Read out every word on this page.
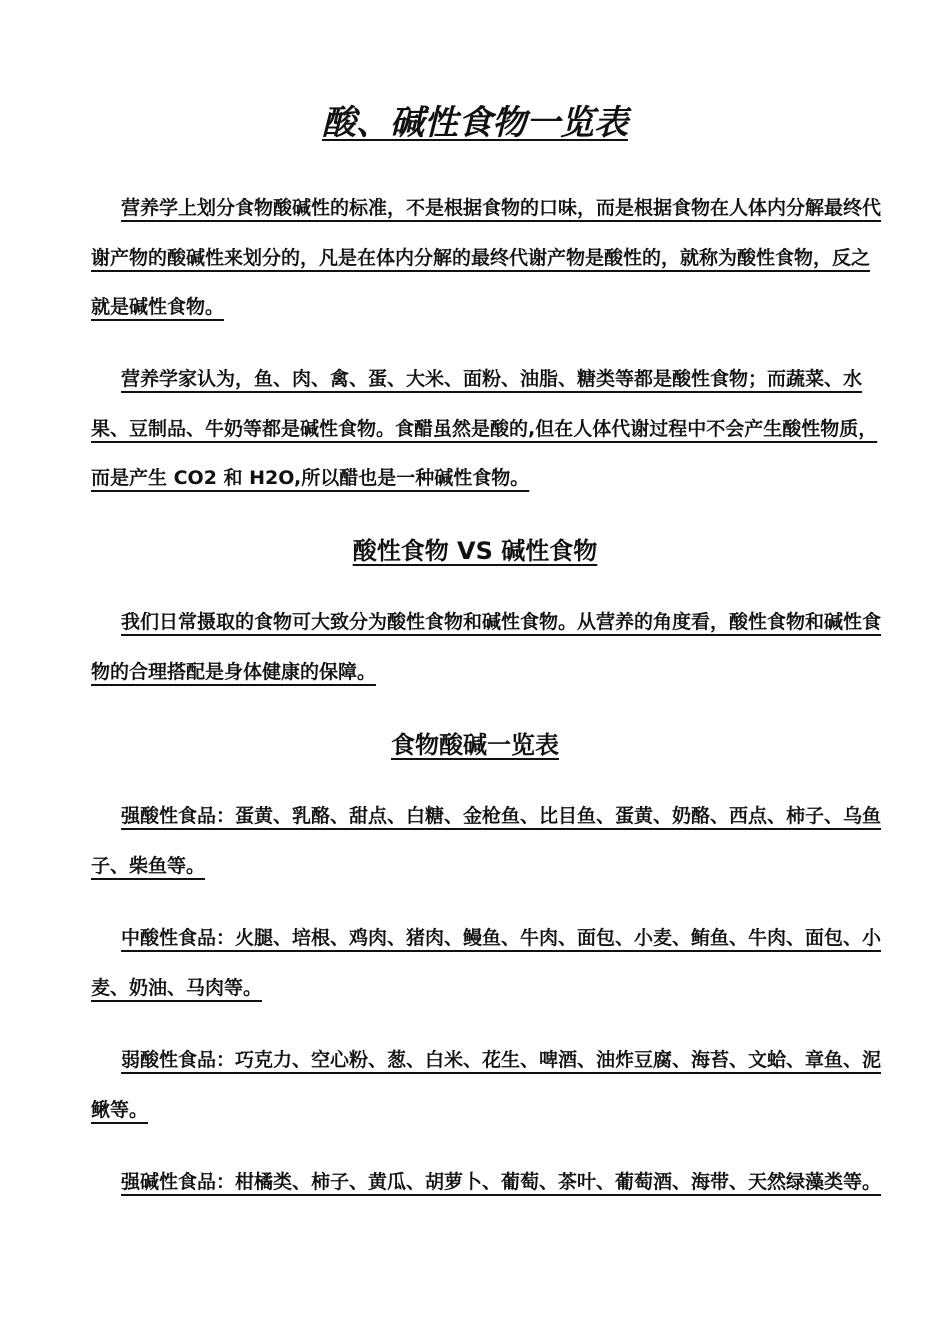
酸、碱性食物一览表

营养学上划分食物酸碱性的标准，不是根据食物的口味，而是根据食物在人体内分解最终代谢产物的酸碱性来划分的，凡是在体内分解的最终代谢产物是酸性的，就称为酸性食物，反之就是碱性食物。

营养学家认为，鱼、肉、禽、蛋、大米、面粉、油脂、糖类等都是酸性食物；而蔬菜、水果、豆制品、牛奶等都是碱性食物。食醋虽然是酸的,但在人体代谢过程中不会产生酸性物质，而是产生 CO2 和 H2O,所以醋也是一种碱性食物。

酸性食物 VS 碱性食物

我们日常摄取的食物可大致分为酸性食物和碱性食物。从营养的角度看，酸性食物和碱性食物的合理搭配是身体健康的保障。

食物酸碱一览表

强酸性食品：蛋黄、乳酪、甜点、白糖、金枪鱼、比目鱼、蛋黄、奶酪、西点、柿子、乌鱼子、柴鱼等。

中酸性食品：火腿、培根、鸡肉、猪肉、鳗鱼、牛肉、面包、小麦、鲔鱼、牛肉、面包、小麦、奶油、马肉等。

弱酸性食品：巧克力、空心粉、葱、白米、花生、啤酒、油炸豆腐、海苔、文蛤、章鱼、泥鳅等。

强碱性食品：柑橘类、柿子、黄瓜、胡萝卜、葡萄、茶叶、葡萄酒、海带、天然绿藻类等。
